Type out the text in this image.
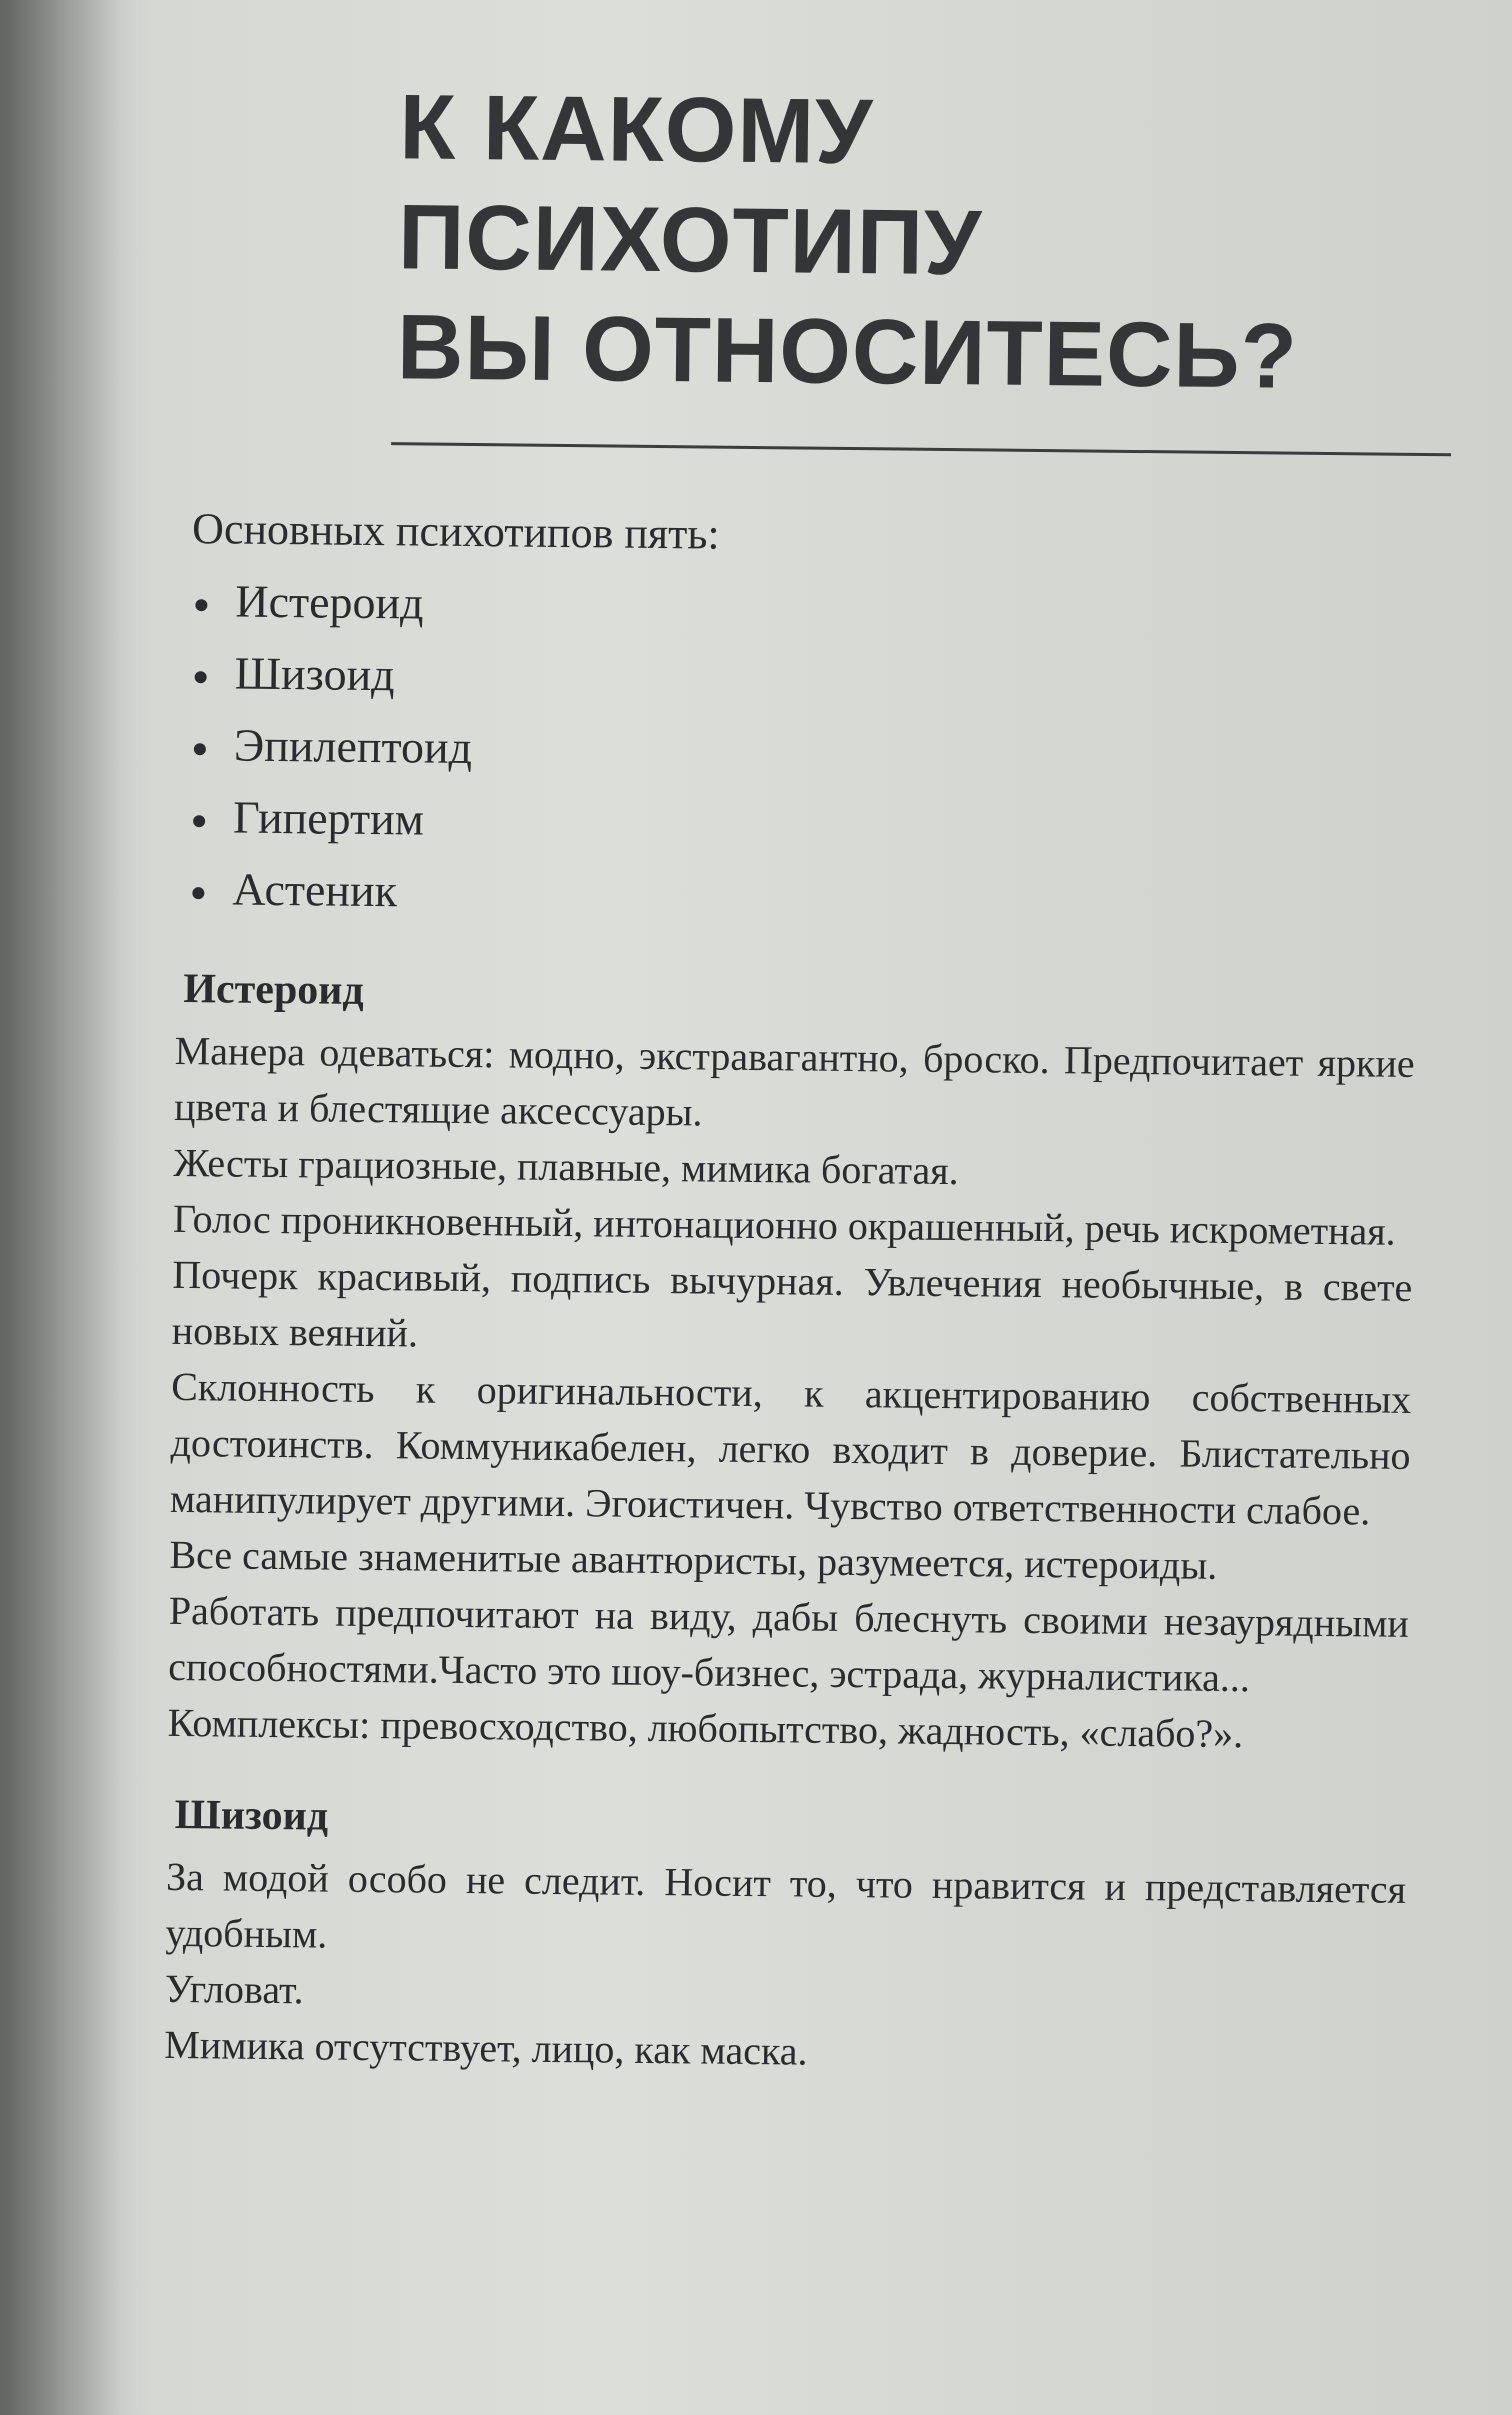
К КАКОМУ
ПСИХОТИПУ
ВЫ ОТНОСИТЕСЬ?
Основных психотипов пять:
Истероид
Шизоид
Эпилептоид
Гипертим
Астеник
Истероид

Манера одеваться: модно, экстравагантно, броско. Предпочитает яркие цвета и блестящие аксессуары.

Жесты грациозные, плавные, мимика богатая.

Голос проникновенный, интонационно окрашенный, речь искрометная.

Почерк красивый, подпись вычурная. Увлечения необычные, в свете новых веяний.

Склонность к оригинальности, к акцентированию собственных достоинств. Коммуникабелен, легко входит в доверие. Блистательно манипулирует другими. Эгоистичен. Чувство ответственности слабое.

Все самые знаменитые авантюристы, разумеется, истероиды.

Работать предпочитают на виду, дабы блеснуть своими незаурядными способностями.Часто это шоу-бизнес, эстрада, журналистика...

Комплексы: превосходство, любопытство, жадность, «слабо?».

Шизоид

За модой особо не следит. Носит то, что нравится и представляется удобным.

Угловат.

Мимика отсутствует, лицо, как маска.
